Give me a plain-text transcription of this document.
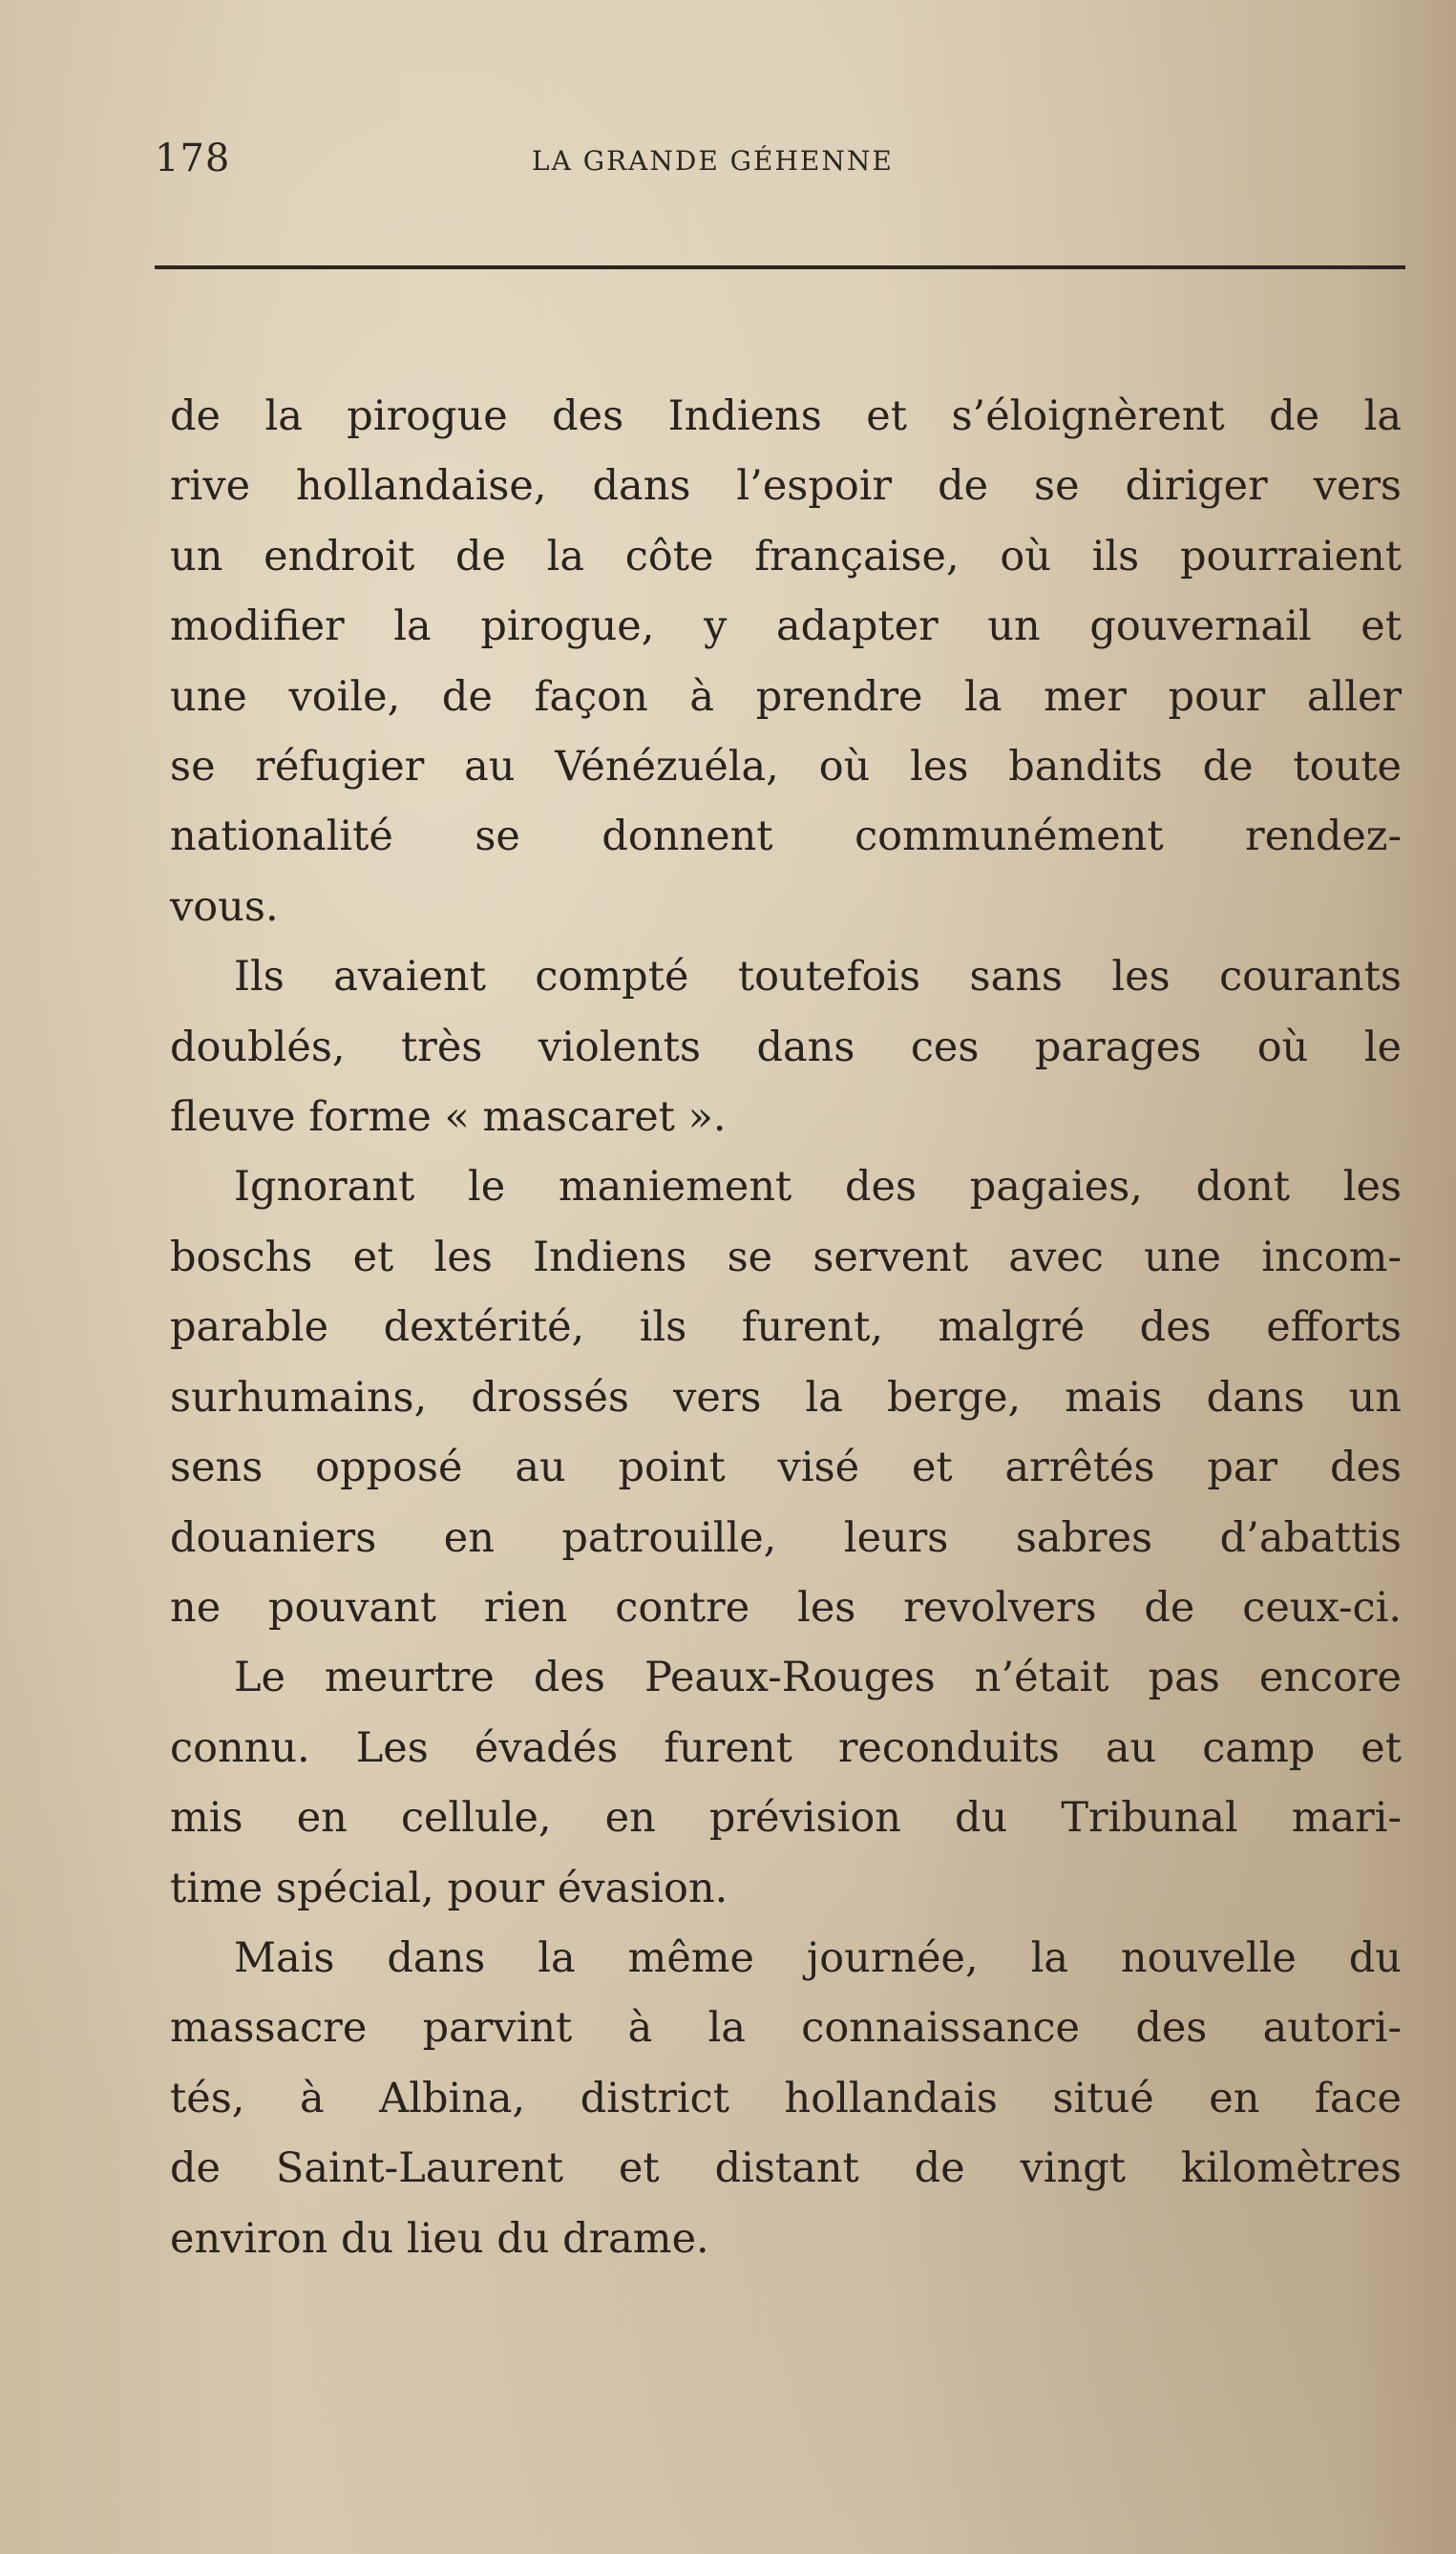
178	LA GRANDE GÉHENNE

de la pirogue des Indiens et s’éloignèrent de la

rive hollandaise, dans l’espoir de se diriger vers

un endroit de la côte française, où ils pourraient

modifier la pirogue, y adapter un gouvernail et

une voile, de façon à prendre la mer pour aller

se réfugier au Vénézuéla, où les bandits de toute

nationalité se donnent communément rendez-

vous.

Ils avaient compté toutefois sans les courants

doublés, très violents dans ces parages où le

fleuve forme « mascaret ».

Ignorant le maniement des pagaies, dont les

boschs et les Indiens se servent avec une incom-

parable dextérité, ils furent, malgré des efforts

surhumains, drossés vers la berge, mais dans un

sens opposé au point visé et arrêtés par des

douaniers en patrouille, leurs sabres d’abattis

ne pouvant rien contre les revolvers de ceux-ci.

Le meurtre des Peaux-Rouges n’était pas encore

connu. Les évadés furent reconduits au camp et

mis en cellule, en prévision du Tribunal mari-

time spécial, pour évasion.

Mais dans la même journée, la nouvelle du

massacre parvint à la connaissance des autori-

tés, à Albina, district hollandais situé en face

de Saint-Laurent et distant de vingt kilomètres

environ du lieu du drame.
